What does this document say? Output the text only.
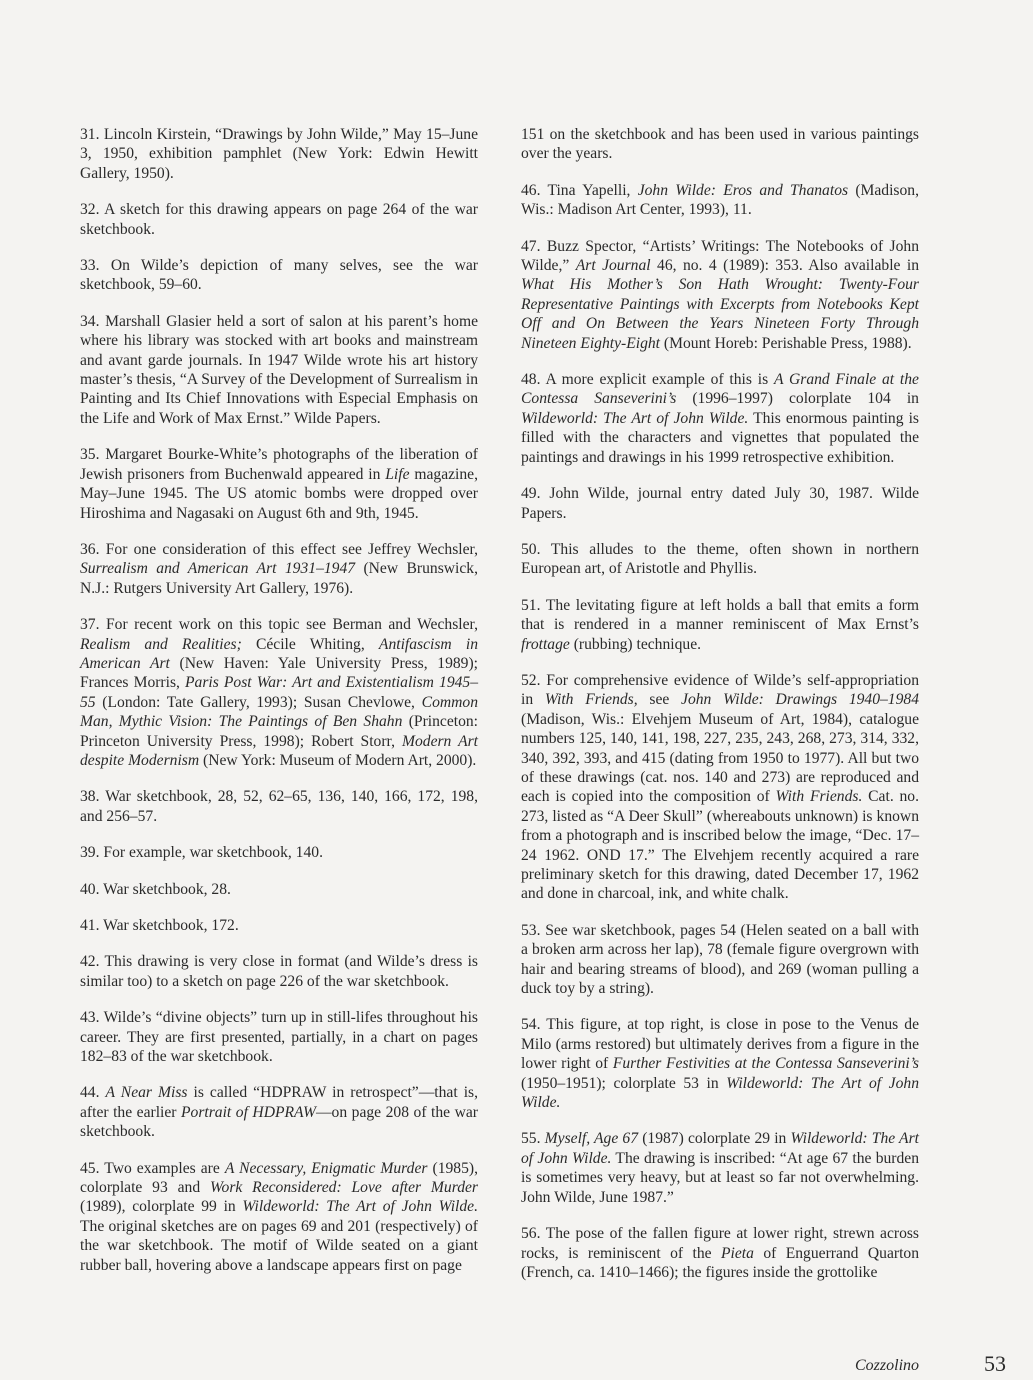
31. Lincoln Kirstein, “Drawings by John Wilde,” May 15–June 3, 1950, exhibition pamphlet (New York: Edwin Hewitt Gallery, 1950).

32. A sketch for this drawing appears on page 264 of the war sketchbook.

33. On Wilde’s depiction of many selves, see the war sketchbook, 59–60.

34. Marshall Glasier held a sort of salon at his parent’s home where his library was stocked with art books and mainstream and avant garde journals. In 1947 Wilde wrote his art history master’s thesis, “A Survey of the Development of Surrealism in Painting and Its Chief Innovations with Especial Emphasis on the Life and Work of Max Ernst.” Wilde Papers.

35. Margaret Bourke-White’s photographs of the liberation of Jewish prisoners from Buchenwald appeared in Life magazine, May–June 1945. The US atomic bombs were dropped over Hiroshima and Nagasaki on August 6th and 9th, 1945.

36. For one consideration of this effect see Jeffrey Wechsler, Surrealism and American Art 1931–1947 (New Brunswick, N.J.: Rutgers University Art Gallery, 1976).

37. For recent work on this topic see Berman and Wechsler, Realism and Realities; Cécile Whiting, Antifascism in American Art (New Haven: Yale University Press, 1989); Frances Morris, Paris Post War: Art and Existentialism 1945–55 (London: Tate Gallery, 1993); Susan Chevlowe, Common Man, Mythic Vision: The Paintings of Ben Shahn (Princeton: Princeton University Press, 1998); Robert Storr, Modern Art despite Modernism (New York: Museum of Modern Art, 2000).

38. War sketchbook, 28, 52, 62–65, 136, 140, 166, 172, 198, and 256–57.

39. For example, war sketchbook, 140.

40. War sketchbook, 28.

41. War sketchbook, 172.

42. This drawing is very close in format (and Wilde’s dress is similar too) to a sketch on page 226 of the war sketchbook.

43. Wilde’s “divine objects” turn up in still-lifes throughout his career. They are first presented, partially, in a chart on pages 182–83 of the war sketchbook.

44. A Near Miss is called “HDPRAW in retrospect”—that is, after the earlier Portrait of HDPRAW—on page 208 of the war sketchbook.

45. Two examples are A Necessary, Enigmatic Murder (1985), colorplate 93 and Work Reconsidered: Love after Murder (1989), colorplate 99 in Wildeworld: The Art of John Wilde. The original sketches are on pages 69 and 201 (respectively) of the war sketchbook. The motif of Wilde seated on a giant rubber ball, hovering above a landscape appears first on page

151 on the sketchbook and has been used in various paintings over the years.

46. Tina Yapelli, John Wilde: Eros and Thanatos (Madison, Wis.: Madison Art Center, 1993), 11.

47. Buzz Spector, “Artists’ Writings: The Notebooks of John Wilde,” Art Journal 46, no. 4 (1989): 353. Also available in What His Mother’s Son Hath Wrought: Twenty-Four Representative Paintings with Excerpts from Notebooks Kept Off and On Between the Years Nineteen Forty Through Nineteen Eighty-Eight (Mount Horeb: Perishable Press, 1988).

48. A more explicit example of this is A Grand Finale at the Contessa Sanseverini’s (1996–1997) colorplate 104 in Wildeworld: The Art of John Wilde. This enormous painting is filled with the characters and vignettes that populated the paintings and drawings in his 1999 retrospective exhibition.

49. John Wilde, journal entry dated July 30, 1987. Wilde Papers.

50. This alludes to the theme, often shown in northern European art, of Aristotle and Phyllis.

51. The levitating figure at left holds a ball that emits a form that is rendered in a manner reminiscent of Max Ernst’s frottage (rubbing) technique.

52. For comprehensive evidence of Wilde’s self-appropriation in With Friends, see John Wilde: Drawings 1940–1984 (Madison, Wis.: Elvehjem Museum of Art, 1984), catalogue numbers 125, 140, 141, 198, 227, 235, 243, 268, 273, 314, 332, 340, 392, 393, and 415 (dating from 1950 to 1977). All but two of these drawings (cat. nos. 140 and 273) are reproduced and each is copied into the composition of With Friends. Cat. no. 273, listed as “A Deer Skull” (whereabouts unknown) is known from a photograph and is inscribed below the image, “Dec. 17–24 1962. OND 17.” The Elvehjem recently acquired a rare preliminary sketch for this drawing, dated December 17, 1962 and done in charcoal, ink, and white chalk.

53. See war sketchbook, pages 54 (Helen seated on a ball with a broken arm across her lap), 78 (female figure overgrown with hair and bearing streams of blood), and 269 (woman pulling a duck toy by a string).

54. This figure, at top right, is close in pose to the Venus de Milo (arms restored) but ultimately derives from a figure in the lower right of Further Festivities at the Contessa Sanseverini’s (1950–1951); colorplate 53 in Wildeworld: The Art of John Wilde.

55. Myself, Age 67 (1987) colorplate 29 in Wildeworld: The Art of John Wilde. The drawing is inscribed: “At age 67 the burden is sometimes very heavy, but at least so far not overwhelming. John Wilde, June 1987.”

56. The pose of the fallen figure at lower right, strewn across rocks, is reminiscent of the Pieta of Enguerrand Quarton (French, ca. 1410–1466); the figures inside the grottolike

Cozzolino	53
